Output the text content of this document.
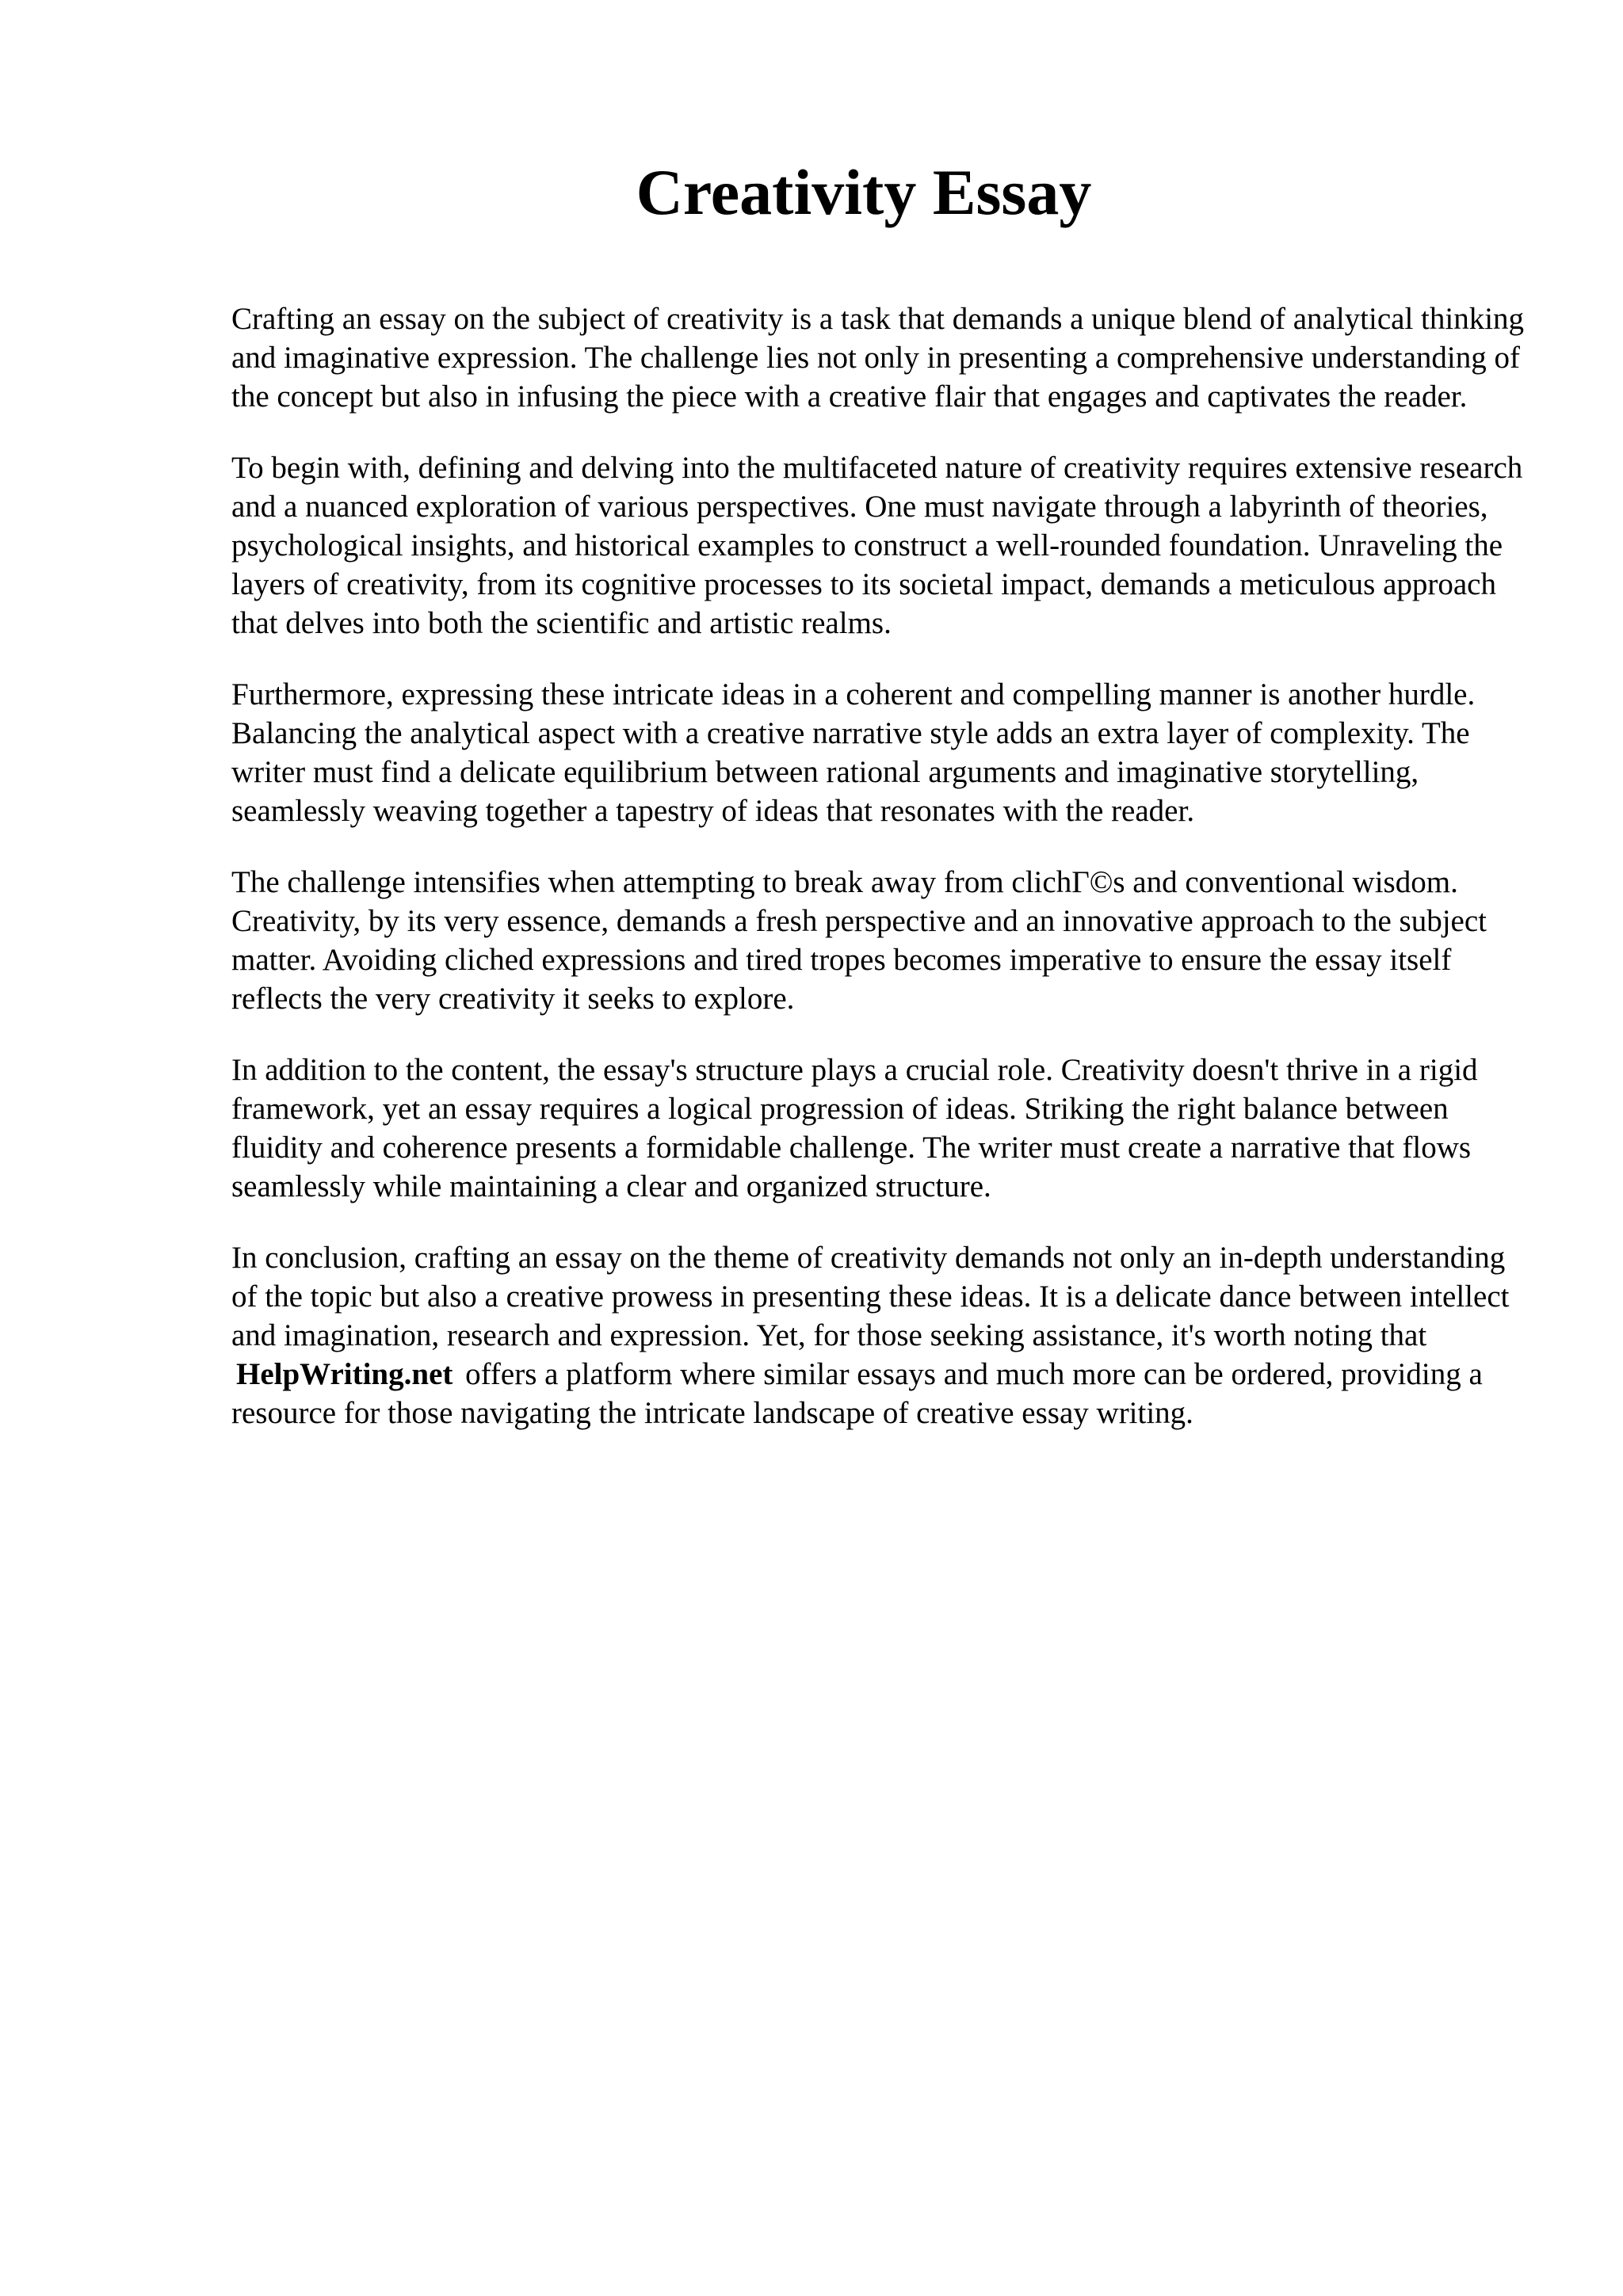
Creativity Essay

Crafting an essay on the subject of creativity is a task that demands a unique blend of analytical thinking and imaginative expression. The challenge lies not only in presenting a comprehensive understanding of the concept but also in infusing the piece with a creative flair that engages and captivates the reader.

To begin with, defining and delving into the multifaceted nature of creativity requires extensive research and a nuanced exploration of various perspectives. One must navigate through a labyrinth of theories, psychological insights, and historical examples to construct a well-rounded foundation. Unraveling the layers of creativity, from its cognitive processes to its societal impact, demands a meticulous approach that delves into both the scientific and artistic realms.

Furthermore, expressing these intricate ideas in a coherent and compelling manner is another hurdle. Balancing the analytical aspect with a creative narrative style adds an extra layer of complexity. The writer must find a delicate equilibrium between rational arguments and imaginative storytelling, seamlessly weaving together a tapestry of ideas that resonates with the reader.

The challenge intensifies when attempting to break away from clichΓ©s and conventional wisdom. Creativity, by its very essence, demands a fresh perspective and an innovative approach to the subject matter. Avoiding cliched expressions and tired tropes becomes imperative to ensure the essay itself reflects the very creativity it seeks to explore.

In addition to the content, the essay's structure plays a crucial role. Creativity doesn't thrive in a rigid framework, yet an essay requires a logical progression of ideas. Striking the right balance between fluidity and coherence presents a formidable challenge. The writer must create a narrative that flows seamlessly while maintaining a clear and organized structure.

In conclusion, crafting an essay on the theme of creativity demands not only an in-depth understanding of the topic but also a creative prowess in presenting these ideas. It is a delicate dance between intellect and imagination, research and expression. Yet, for those seeking assistance, it's worth noting that HelpWriting.net offers a platform where similar essays and much more can be ordered, providing a resource for those navigating the intricate landscape of creative essay writing.
